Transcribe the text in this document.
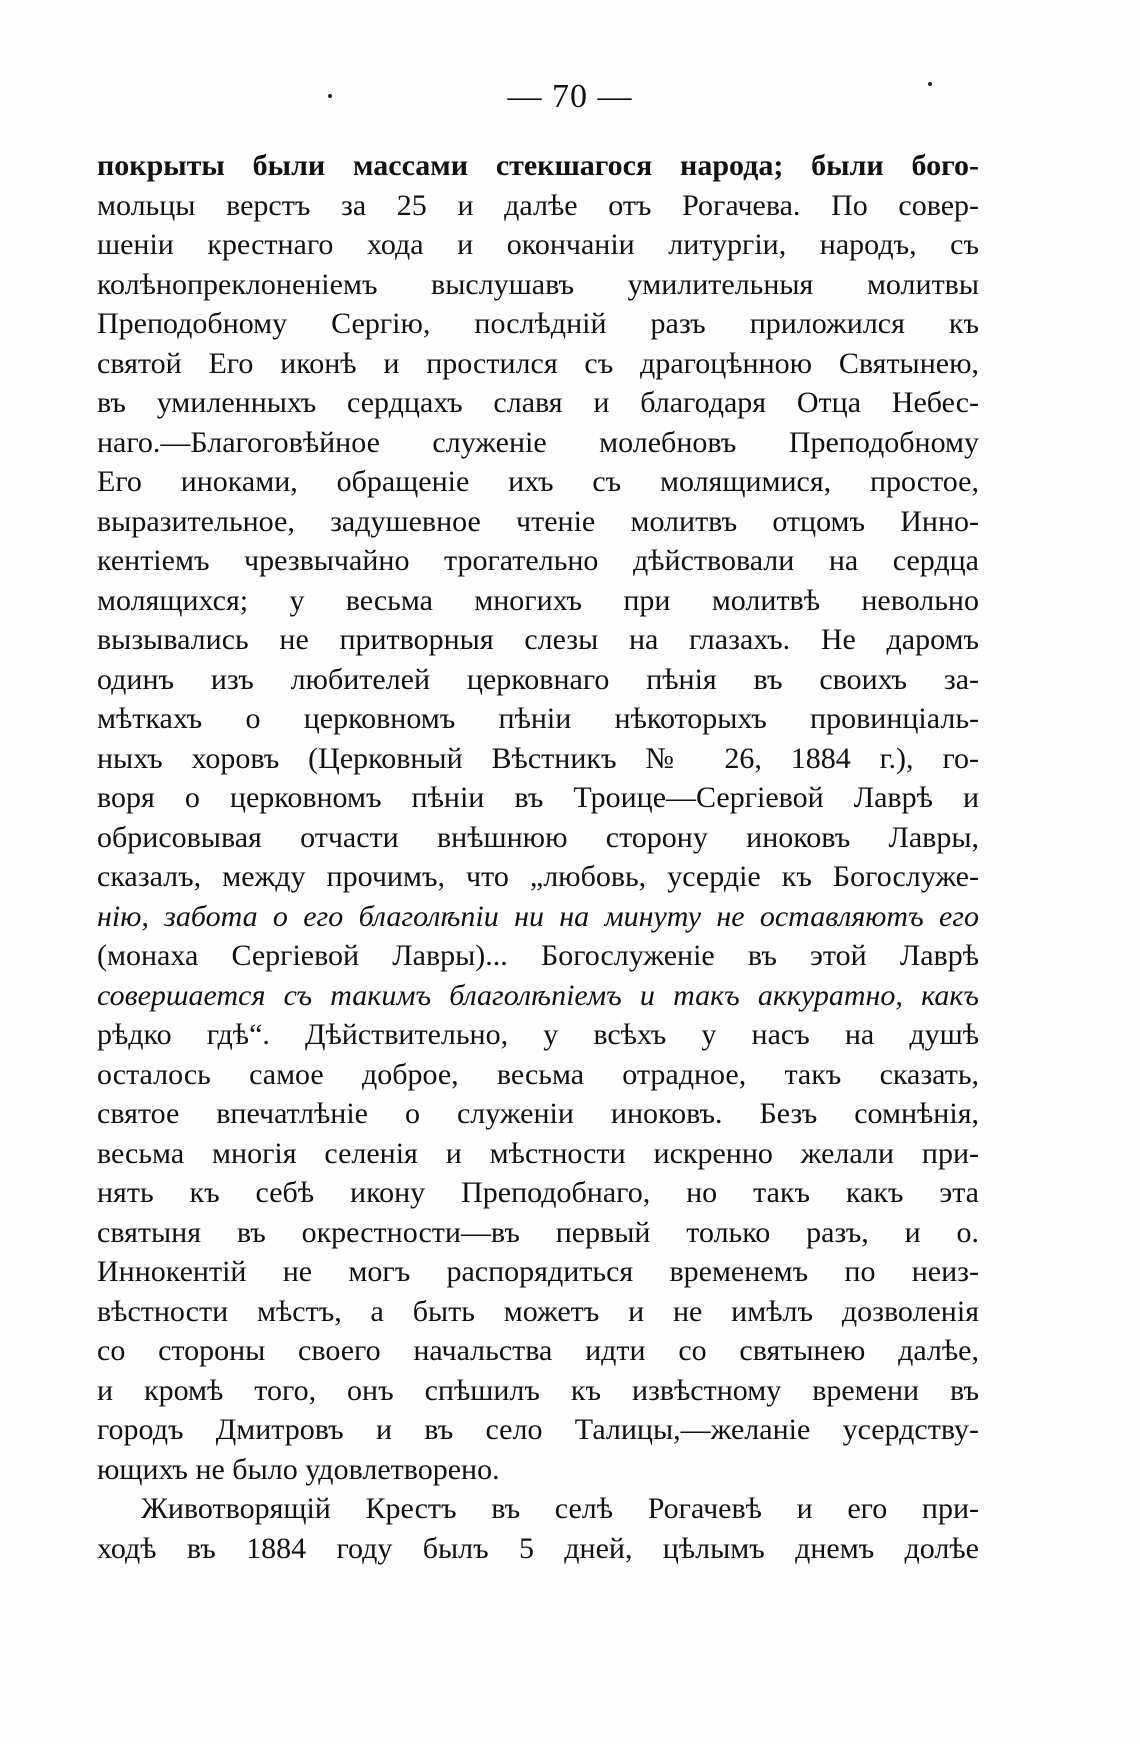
— 70 —
покрыты были массами стекшагося народа; были бого-
мольцы верстъ за 25 и далѣе отъ Рогачева. По совер-
шеніи крестнаго хода и окончаніи литургіи, народъ, съ
колѣнопреклоненіемъ выслушавъ умилительныя молитвы
Преподобному Сергію, послѣдній разъ приложился къ
святой Его иконѣ и простился съ драгоцѣнною Святынею,
въ умиленныхъ сердцахъ славя и благодаря Отца Небес-
наго.—Благоговѣйное служеніе молебновъ Преподобному
Его иноками, обращеніе ихъ съ молящимися, простое,
выразительное, задушевное чтеніе молитвъ отцомъ Инно-
кентіемъ чрезвычайно трогательно дѣйствовали на сердца
молящихся; у весьма многихъ при молитвѣ невольно
вызывались не притворныя слезы на глазахъ. Не даромъ
одинъ изъ любителей церковнаго пѣнія въ своихъ за-
мѣткахъ о церковномъ пѣніи нѣкоторыхъ провинціаль-
ныхъ хоровъ (Церковный Вѣстникъ № 26, 1884 г.), го-
воря о церковномъ пѣніи въ Троице—Сергіевой Лаврѣ и
обрисовывая отчасти внѣшнюю сторону иноковъ Лавры,
сказалъ, между прочимъ, что „любовь, усердіе къ Богослуже-
нію, забота о его благолѣпіи ни на минуту не оставляютъ его
(монаха Сергіевой Лавры)... Богослуженіе въ этой Лаврѣ
совершается съ такимъ благолѣпіемъ и такъ аккуратно, какъ
рѣдко гдѣ“. Дѣйствительно, у всѣхъ у насъ на душѣ
осталось самое доброе, весьма отрадное, такъ сказать,
святое впечатлѣніе о служеніи иноковъ. Безъ сомнѣнія,
весьма многія селенія и мѣстности искренно желали при-
нять къ себѣ икону Преподобнаго, но такъ какъ эта
святыня въ окрестности—въ первый только разъ, и о.
Иннокентій не могъ распорядиться временемъ по неиз-
вѣстности мѣстъ, а быть можетъ и не имѣлъ дозволенія
со стороны своего начальства идти со святынею далѣе,
и кромѣ того, онъ спѣшилъ къ извѣстному времени въ
городъ Дмитровъ и въ село Талицы,—желаніе усердству-
ющихъ не было удовлетворено.
Животворящій Крестъ въ селѣ Рогачевѣ и его при-
ходѣ въ 1884 году былъ 5 дней, цѣлымъ днемъ долѣе
